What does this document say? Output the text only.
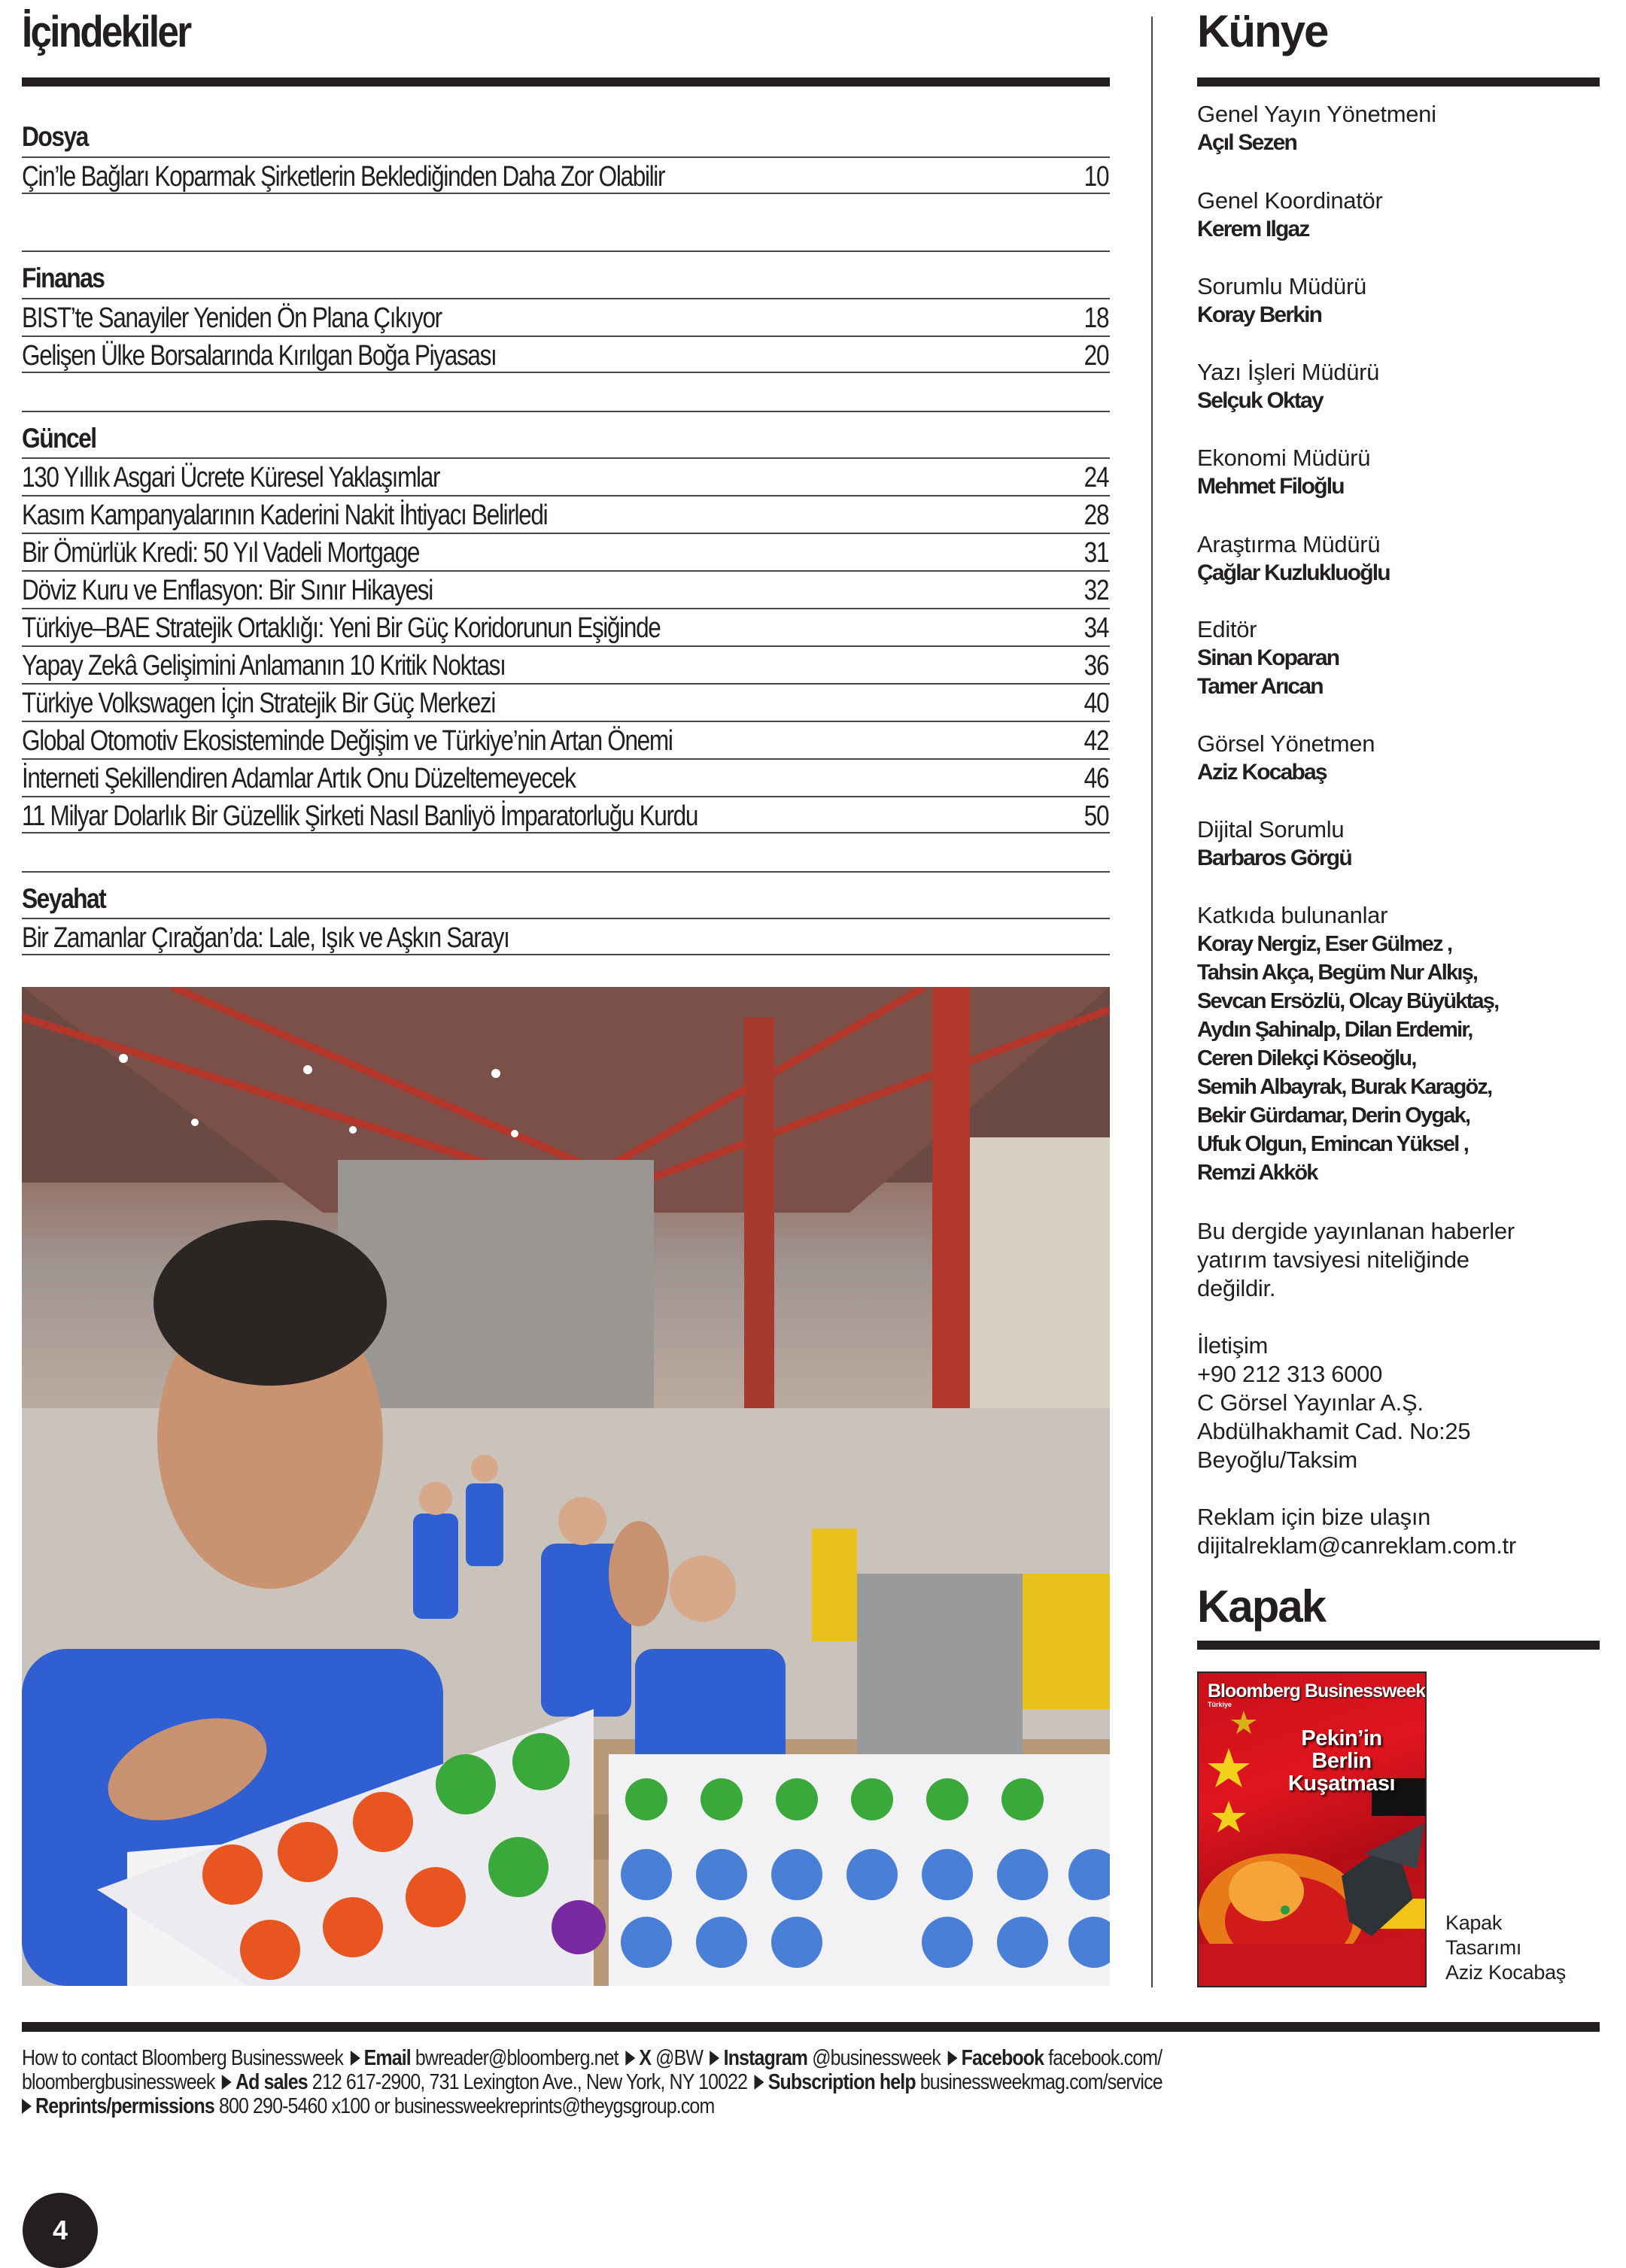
İçindekiler
Dosya
Çin’le Bağları Koparmak Şirketlerin Beklediğinden Daha Zor Olabilir	10
Finanas
BIST’te Sanayiler Yeniden Ön Plana Çıkıyor	18
Gelişen Ülke Borsalarında Kırılgan Boğa Piyasası	20
Güncel
130 Yıllık Asgari Ücrete Küresel Yaklaşımlar	24
Kasım Kampanyalarının Kaderini Nakit İhtiyacı Belirledi	28
Bir Ömürlük Kredi: 50 Yıl Vadeli Mortgage	31
Döviz Kuru ve Enflasyon: Bir Sınır Hikayesi	32
Türkiye–BAE Stratejik Ortaklığı: Yeni Bir Güç Koridorunun Eşiğinde	34
Yapay Zekâ Gelişimini Anlamanın 10 Kritik Noktası	36
Türkiye Volkswagen İçin Stratejik Bir Güç Merkezi	40
Global Otomotiv Ekosisteminde Değişim ve Türkiye’nin Artan Önemi	42
İnterneti Şekillendiren Adamlar Artık Onu Düzeltemeyecek	46
11 Milyar Dolarlık Bir Güzellik Şirketi Nasıl Banliyö İmparatorluğu Kurdu	50
Seyahat
Bir Zamanlar Çırağan’da: Lale, Işık ve Aşkın Sarayı
Künye
Genel Yayın Yönetmeni
Açıl Sezen
Genel Koordinatör
Kerem Ilgaz
Sorumlu Müdürü
Koray Berkin
Yazı İşleri Müdürü
Selçuk Oktay
Ekonomi Müdürü
Mehmet Filoğlu
Araştırma Müdürü
Çağlar Kuzlukluoğlu
Editör
Sinan Koparan
Tamer Arıcan
Görsel Yönetmen
Aziz Kocabaş
Dijital Sorumlu
Barbaros Görgü
Katkıda bulunanlar
Koray Nergiz, Eser Gülmez ,
Tahsin Akça, Begüm Nur Alkış,
Sevcan Ersözlü, Olcay Büyüktaş,
Aydın Şahinalp, Dilan Erdemir,
Ceren Dilekçi Köseoğlu,
Semih Albayrak, Burak Karagöz,
Bekir Gürdamar, Derin Oygak,
Ufuk Olgun, Emincan Yüksel ,
Remzi Akkök
Bu dergide yayınlanan haberler
yatırım tavsiyesi niteliğinde
değildir.
İletişim
+90 212 313 6000
C Görsel Yayınlar A.Ş.
Abdülhakhamit Cad. No:25
Beyoğlu/Taksim
Reklam için bize ulaşın
dijitalreklam@canreklam.com.tr
Kapak
Bloomberg Businessweek
Türkiye
Pekin’in
Berlin
Kuşatması
Kapak
Tasarımı
Aziz Kocabaş
How to contact Bloomberg Businessweek Email bwreader@bloomberg.net X @BW Instagram @businessweek Facebook facebook.com/
bloombergbusinessweek Ad sales 212 617-2900, 731 Lexington Ave., New York, NY 10022 Subscription help businessweekmag.com/service
Reprints/permissions 800 290-5460 x100 or businessweekreprints@theygsgroup.com
4
